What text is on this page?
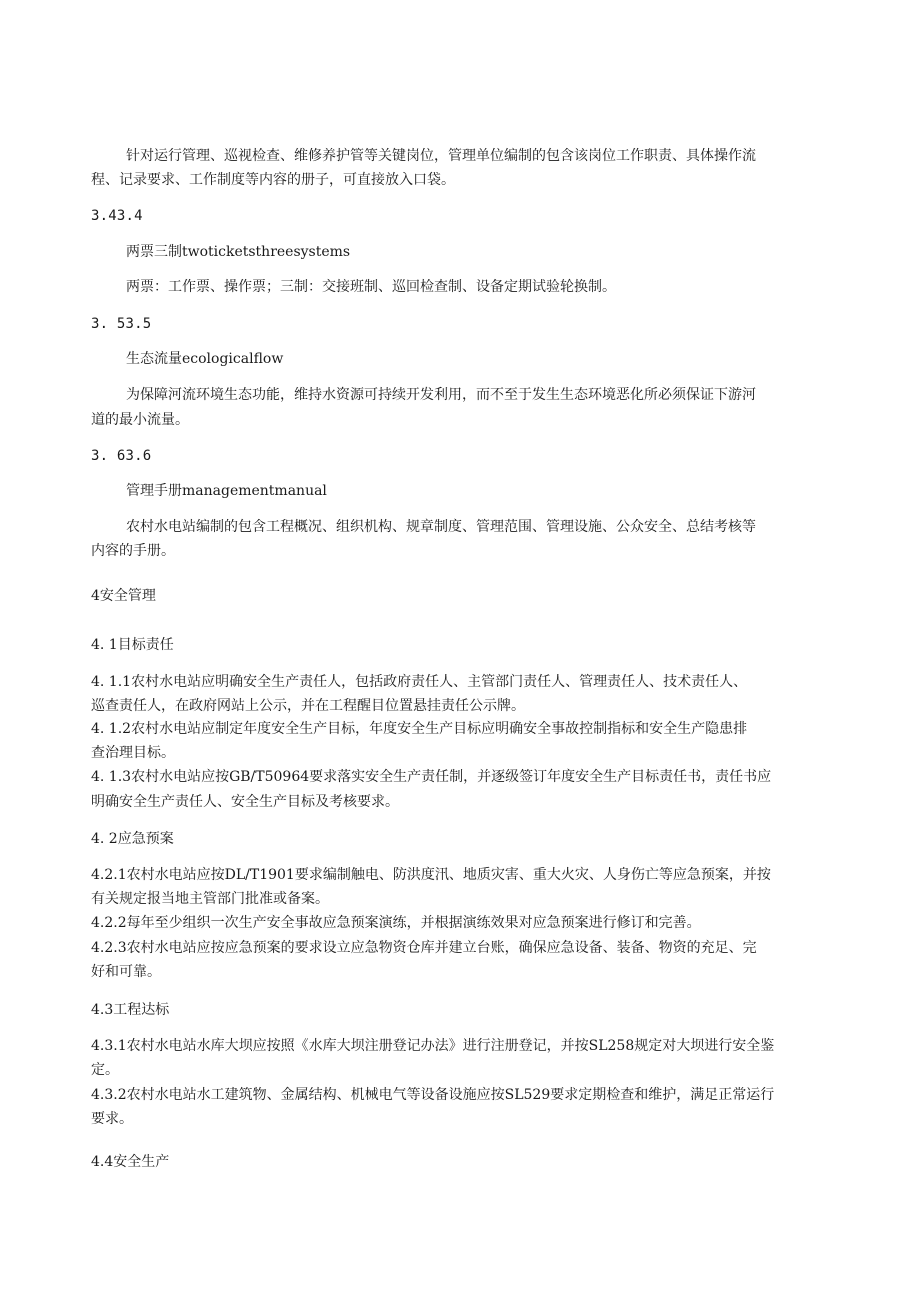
针对运行管理、巡视检查、维修养护管等关键岗位，管理单位编制的包含该岗位工作职责、具体操作流

程、记录要求、工作制度等内容的册子，可直接放入口袋。

3.43.4

两票三制twoticketsthreesystems

两票：工作票、操作票；三制：交接班制、巡回检查制、设备定期试验轮换制。

3. 53.5

生态流量ecologicalflow

为保障河流环境生态功能，维持水资源可持续开发利用，而不至于发生生态环境恶化所必须保证下游河

道的最小流量。

3. 63.6

管理手册managementmanual

农村水电站编制的包含工程概况、组织机构、规章制度、管理范围、管理设施、公众安全、总结考核等

内容的手册。

4安全管理

4. 1目标责任

4. 1.1农村水电站应明确安全生产责任人，包括政府责任人、主管部门责任人、管理责任人、技术责任人、

巡查责任人，在政府网站上公示，并在工程醒目位置悬挂责任公示牌。

4. 1.2农村水电站应制定年度安全生产目标，年度安全生产目标应明确安全事故控制指标和安全生产隐患排

查治理目标。

4. 1.3农村水电站应按GB/T50964要求落实安全生产责任制，并逐级签订年度安全生产目标责任书，责任书应

明确安全生产责任人、安全生产目标及考核要求。

4. 2应急预案

4.2.1农村水电站应按DL/T1901要求编制触电、防洪度汛、地质灾害、重大火灾、人身伤亡等应急预案，并按

有关规定报当地主管部门批准或备案。

4.2.2每年至少组织一次生产安全事故应急预案演练，并根据演练效果对应急预案进行修订和完善。

4.2.3农村水电站应按应急预案的要求设立应急物资仓库并建立台账，确保应急设备、装备、物资的充足、完

好和可靠。

4.3工程达标

4.3.1农村水电站水库大坝应按照《水库大坝注册登记办法》进行注册登记，并按SL258规定对大坝进行安全鉴

定。

4.3.2农村水电站水工建筑物、金属结构、机械电气等设备设施应按SL529要求定期检查和维护，满足正常运行

要求。

4.4安全生产
